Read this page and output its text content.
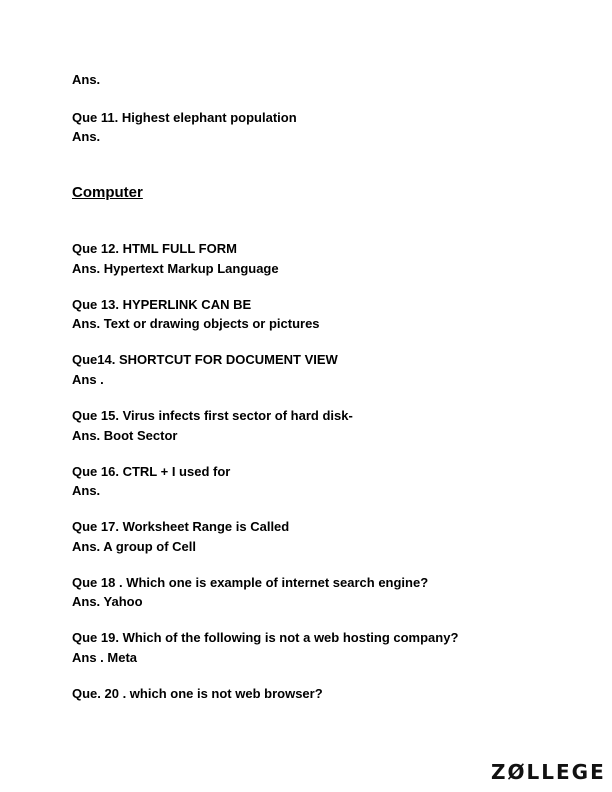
Ans.
Que 11. Highest elephant population
Ans.
Computer
Que 12. HTML FULL FORM
Ans. Hypertext Markup Language
Que 13. HYPERLINK CAN BE
Ans. Text or drawing objects or pictures
Que14. SHORTCUT FOR DOCUMENT VIEW
Ans .
Que 15. Virus infects first sector of hard disk-
Ans. Boot Sector
Que 16. CTRL + I used for
Ans.
Que 17. Worksheet Range is Called
Ans. A group of Cell
Que 18 . Which one is example of internet search engine?
Ans. Yahoo
Que 19. Which of the following is not a web hosting company?
Ans . Meta
Que. 20 . which one is not web browser?
ZØLLEGE
